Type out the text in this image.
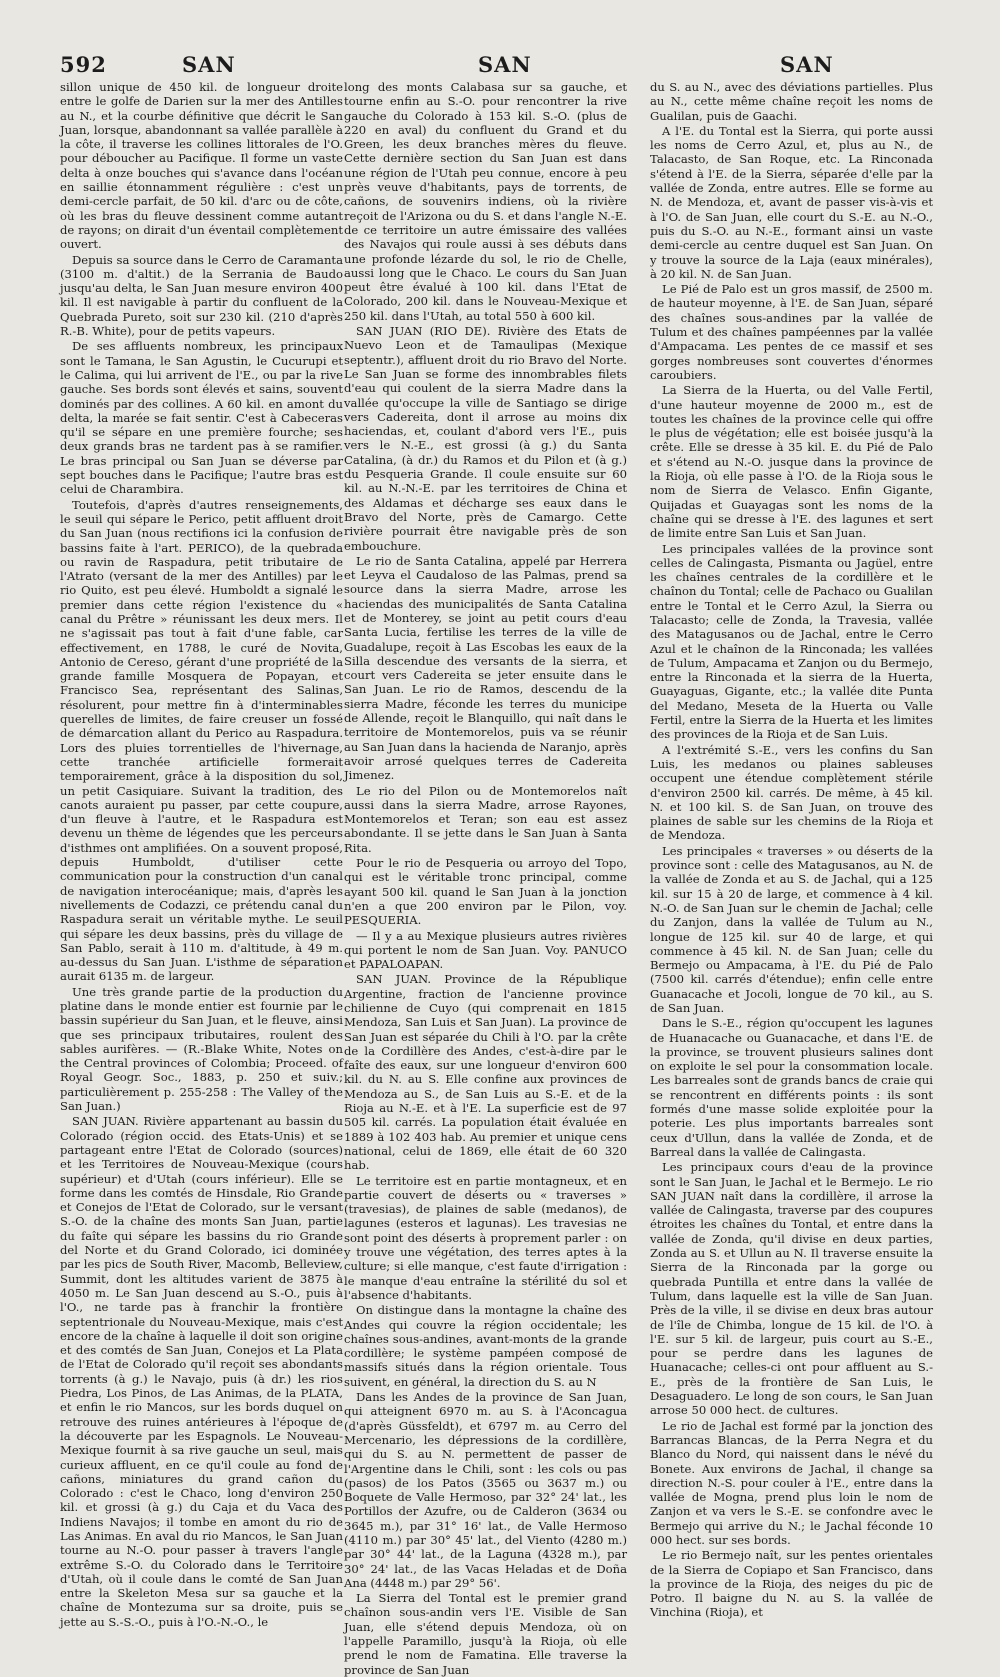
592	SAN	SAN	SAN

sillon unique de 450 kil. de longueur droite entre le golfe de Darien sur la mer des Antilles au N., et la courbe définitive que décrit le San Juan, lorsque, abandonnant sa vallée parallèle à la côte, il traverse les collines littorales de l'O. pour déboucher au Pacifique. Il forme un vaste delta à onze bouches qui s'avance dans l'océan en saillie étonnamment régulière : c'est un demi-cercle parfait, de 50 kil. d'arc ou de côte, où les bras du fleuve dessinent comme autant de rayons; on dirait d'un éventail complètement ouvert.

Depuis sa source dans le Cerro de Caramanta (3100 m. d'altit.) de la Serrania de Baudo jusqu'au delta, le San Juan mesure environ 400 kil. Il est navigable à partir du confluent de la Quebrada Pureto, soit sur 230 kil. (210 d'après R.-B. White), pour de petits vapeurs.

De ses affluents nombreux, les principaux sont le Tamana, le San Agustin, le Cucurupi et le Calima, qui lui arrivent de l'E., ou par la rive gauche. Ses bords sont élevés et sains, souvent dominés par des collines. A 60 kil. en amont du delta, la marée se fait sentir. C'est à Cabeceras qu'il se sépare en une première fourche; ses deux grands bras ne tardent pas à se ramifier. Le bras principal ou San Juan se déverse par sept bouches dans le Pacifique; l'autre bras est celui de Charambira.

Toutefois, d'après d'autres renseignements, le seuil qui sépare le Perico, petit affluent droit du San Juan (nous rectifions ici la confusion de bassins faite à l'art. PERICO), de la quebrada ou ravin de Raspadura, petit tributaire de l'Atrato (versant de la mer des Antilles) par le rio Quito, est peu élevé. Humboldt a signalé le premier dans cette région l'existence du « canal du Prêtre » réunissant les deux mers. Il ne s'agissait pas tout à fait d'une fable, car effectivement, en 1788, le curé de Novita, Antonio de Cereso, gérant d'une propriété de la grande famille Mosquera de Popayan, et Francisco Sea, représentant des Salinas, résolurent, pour mettre fin à d'interminables querelles de limites, de faire creuser un fossé de démarcation allant du Perico au Raspadura. Lors des pluies torrentielles de l'hivernage, cette tranchée artificielle formerait temporairement, grâce à la disposition du sol, un petit Casiquiare. Suivant la tradition, des canots auraient pu passer, par cette coupure, d'un fleuve à l'autre, et le Raspadura est devenu un thème de légendes que les perceurs d'isthmes ont amplifiées. On a souvent proposé, depuis Humboldt, d'utiliser cette communication pour la construction d'un canal de navigation interocéanique; mais, d'après les nivellements de Codazzi, ce prétendu canal du Raspadura serait un véritable mythe. Le seuil qui sépare les deux bassins, près du village de San Pablo, serait à 110 m. d'altitude, à 49 m. au-dessus du San Juan. L'isthme de séparation aurait 6135 m. de largeur.

Une très grande partie de la production du platine dans le monde entier est fournie par le bassin supérieur du San Juan, et le fleuve, ainsi que ses principaux tributaires, roulent des sables aurifères. — (R.-Blake White, Notes on the Central provinces of Colombia; Proceed. of Royal Geogr. Soc., 1883, p. 250 et suiv.; particulièrement p. 255-258 : The Valley of the San Juan.)

SAN JUAN. Rivière appartenant au bassin du Colorado (région occid. des Etats-Unis) et se partageant entre l'Etat de Colorado (sources) et les Territoires de Nouveau-Mexique (cours supérieur) et d'Utah (cours inférieur). Elle se forme dans les comtés de Hinsdale, Rio Grande et Conejos de l'Etat de Colorado, sur le versant S.-O. de la chaîne des monts San Juan, partie du faîte qui sépare les bassins du rio Grande del Norte et du Grand Colorado, ici dominée par les pics de South River, Macomb, Belleview, Summit, dont les altitudes varient de 3875 à 4050 m. Le San Juan descend au S.-O., puis à l'O., ne tarde pas à franchir la frontière septentrionale du Nouveau-Mexique, mais c'est encore de la chaîne à laquelle il doit son origine et des comtés de San Juan, Conejos et La Plata de l'Etat de Colorado qu'il reçoit ses abondants torrents (à g.) le Navajo, puis (à dr.) les rios Piedra, Los Pinos, de Las Animas, de la PLATA, et enfin le rio Mancos, sur les bords duquel on retrouve des ruines antérieures à l'époque de la découverte par les Espagnols. Le Nouveau-Mexique fournit à sa rive gauche un seul, mais curieux affluent, en ce qu'il coule au fond de cañons, miniatures du grand cañon du Colorado : c'est le Chaco, long d'environ 250 kil. et grossi (à g.) du Caja et du Vaca des Indiens Navajos; il tombe en amont du rio de Las Animas. En aval du rio Mancos, le San Juan tourne au N.-O. pour passer à travers l'angle extrême S.-O. du Colorado dans le Territoire d'Utah, où il coule dans le comté de San Juan entre la Skeleton Mesa sur sa gauche et la chaîne de Montezuma sur sa droite, puis se jette au S.-S.-O., puis à l'O.-N.-O., le

long des monts Calabasa sur sa gauche, et tourne enfin au S.-O. pour rencontrer la rive gauche du Colorado à 153 kil. S.-O. (plus de 220 en aval) du confluent du Grand et du Green, les deux branches mères du fleuve. Cette dernière section du San Juan est dans une région de l'Utah peu connue, encore à peu près veuve d'habitants, pays de torrents, de cañons, de souvenirs indiens, où la rivière reçoit de l'Arizona ou du S. et dans l'angle N.-E. de ce territoire un autre émissaire des vallées des Navajos qui roule aussi à ses débuts dans une profonde lézarde du sol, le rio de Chelle, aussi long que le Chaco. Le cours du San Juan peut être évalué à 100 kil. dans l'Etat de Colorado, 200 kil. dans le Nouveau-Mexique et 250 kil. dans l'Utah, au total 550 à 600 kil.

SAN JUAN (RIO DE). Rivière des Etats de Nuevo Leon et de Tamaulipas (Mexique septentr.), affluent droit du rio Bravo del Norte. Le San Juan se forme des innombrables filets d'eau qui coulent de la sierra Madre dans la vallée qu'occupe la ville de Santiago se dirige vers Cadereita, dont il arrose au moins dix haciendas, et, coulant d'abord vers l'E., puis vers le N.-E., est grossi (à g.) du Santa Catalina, (à dr.) du Ramos et du Pilon et (à g.) du Pesqueria Grande. Il coule ensuite sur 60 kil. au N.-N.-E. par les territoires de China et des Aldamas et décharge ses eaux dans le Bravo del Norte, près de Camargo. Cette rivière pourrait être navigable près de son embouchure.

Le rio de Santa Catalina, appelé par Herrera et Leyva el Caudaloso de las Palmas, prend sa source dans la sierra Madre, arrose les haciendas des municipalités de Santa Catalina et de Monterey, se joint au petit cours d'eau Santa Lucia, fertilise les terres de la ville de Guadalupe, reçoit à Las Escobas les eaux de la Silla descendue des versants de la sierra, et court vers Cadereita se jeter ensuite dans le San Juan. Le rio de Ramos, descendu de la sierra Madre, féconde les terres du municipe de Allende, reçoit le Blanquillo, qui naît dans le territoire de Montemorelos, puis va se réunir au San Juan dans la hacienda de Naranjo, après avoir arrosé quelques terres de Cadereita Jimenez.

Le rio del Pilon ou de Montemorelos naît aussi dans la sierra Madre, arrose Rayones, Montemorelos et Teran; son eau est assez abondante. Il se jette dans le San Juan à Santa Rita.

Pour le rio de Pesqueria ou arroyo del Topo, qui est le véritable tronc principal, comme ayant 500 kil. quand le San Juan à la jonction n'en a que 200 environ par le Pilon, voy. PESQUERIA.

— Il y a au Mexique plusieurs autres rivières qui portent le nom de San Juan. Voy. PANUCO et PAPALOAPAN.

SAN JUAN. Province de la République Argentine, fraction de l'ancienne province chilienne de Cuyo (qui comprenait en 1815 Mendoza, San Luis et San Juan). La province de San Juan est séparée du Chili à l'O. par la crête de la Cordillère des Andes, c'est-à-dire par le faîte des eaux, sur une longueur d'environ 600 kil. du N. au S. Elle confine aux provinces de Mendoza au S., de San Luis au S.-E. et de la Rioja au N.-E. et à l'E. La superficie est de 97 505 kil. carrés. La population était évaluée en 1889 à 102 403 hab. Au premier et unique cens national, celui de 1869, elle était de 60 320 hab.

Le territoire est en partie montagneux, et en partie couvert de déserts ou « traverses » (travesias), de plaines de sable (medanos), de lagunes (esteros et lagunas). Les travesias ne sont point des déserts à proprement parler : on y trouve une végétation, des terres aptes à la culture; si elle manque, c'est faute d'irrigation : le manque d'eau entraîne la stérilité du sol et l'absence d'habitants.

On distingue dans la montagne la chaîne des Andes qui couvre la région occidentale; les chaînes sous-andines, avant-monts de la grande cordillère; le système pampéen composé de massifs situés dans la région orientale. Tous suivent, en général, la direction du S. au N

Dans les Andes de la province de San Juan, qui atteignent 6970 m. au S. à l'Aconcagua (d'après Güssfeldt), et 6797 m. au Cerro del Mercenario, les dépressions de la cordillère, qui du S. au N. permettent de passer de l'Argentine dans le Chili, sont : les cols ou pas (pasos) de los Patos (3565 ou 3637 m.) ou Boquete de Valle Hermoso, par 32° 24' lat., les Portillos der Azufre, ou de Calderon (3634 ou 3645 m.), par 31° 16' lat., de Valle Hermoso (4110 m.) par 30° 45' lat., del Viento (4280 m.) par 30° 44' lat., de la Laguna (4328 m.), par 30° 24' lat., de las Vacas Heladas et de Doña Ana (4448 m.) par 29° 56'.

La Sierra del Tontal est le premier grand chaînon sous-andin vers l'E. Visible de San Juan, elle s'étend depuis Mendoza, où on l'appelle Paramillo, jusqu'à la Rioja, où elle prend le nom de Famatina. Elle traverse la province de San Juan

du S. au N., avec des déviations partielles. Plus au N., cette même chaîne reçoit les noms de Gualilan, puis de Gaachi.

A l'E. du Tontal est la Sierra, qui porte aussi les noms de Cerro Azul, et, plus au N., de Talacasto, de San Roque, etc. La Rinconada s'étend à l'E. de la Sierra, séparée d'elle par la vallée de Zonda, entre autres. Elle se forme au N. de Mendoza, et, avant de passer vis-à-vis et à l'O. de San Juan, elle court du S.-E. au N.-O., puis du S.-O. au N.-E., formant ainsi un vaste demi-cercle au centre duquel est San Juan. On y trouve la source de la Laja (eaux minérales), à 20 kil. N. de San Juan.

Le Pié de Palo est un gros massif, de 2500 m. de hauteur moyenne, à l'E. de San Juan, séparé des chaînes sous-andines par la vallée de Tulum et des chaînes pampéennes par la vallée d'Ampacama. Les pentes de ce massif et ses gorges nombreuses sont couvertes d'énormes caroubiers.

La Sierra de la Huerta, ou del Valle Fertil, d'une hauteur moyenne de 2000 m., est de toutes les chaînes de la province celle qui offre le plus de végétation; elle est boisée jusqu'à la crête. Elle se dresse à 35 kil. E. du Pié de Palo et s'étend au N.-O. jusque dans la province de la Rioja, où elle passe à l'O. de la Rioja sous le nom de Sierra de Velasco. Enfin Gigante, Quijadas et Guayagas sont les noms de la chaîne qui se dresse à l'E. des lagunes et sert de limite entre San Luis et San Juan.

Les principales vallées de la province sont celles de Calingasta, Pismanta ou Jagüel, entre les chaînes centrales de la cordillère et le chaînon du Tontal; celle de Pachaco ou Gualilan entre le Tontal et le Cerro Azul, la Sierra ou Talacasto; celle de Zonda, la Travesia, vallée des Matagusanos ou de Jachal, entre le Cerro Azul et le chaînon de la Rinconada; les vallées de Tulum, Ampacama et Zanjon ou du Bermejo, entre la Rinconada et la sierra de la Huerta, Guayaguas, Gigante, etc.; la vallée dite Punta del Medano, Meseta de la Huerta ou Valle Fertil, entre la Sierra de la Huerta et les limites des provinces de la Rioja et de San Luis.

A l'extrémité S.-E., vers les confins du San Luis, les medanos ou plaines sableuses occupent une étendue complètement stérile d'environ 2500 kil. carrés. De même, à 45 kil. N. et 100 kil. S. de San Juan, on trouve des plaines de sable sur les chemins de la Rioja et de Mendoza.

Les principales « traverses » ou déserts de la province sont : celle des Matagusanos, au N. de la vallée de Zonda et au S. de Jachal, qui a 125 kil. sur 15 à 20 de large, et commence à 4 kil. N.-O. de San Juan sur le chemin de Jachal; celle du Zanjon, dans la vallée de Tulum au N., longue de 125 kil. sur 40 de large, et qui commence à 45 kil. N. de San Juan; celle du Bermejo ou Ampacama, à l'E. du Pié de Palo (7500 kil. carrés d'étendue); enfin celle entre Guanacache et Jocoli, longue de 70 kil., au S. de San Juan.

Dans le S.-E., région qu'occupent les lagunes de Huanacache ou Guanacache, et dans l'E. de la province, se trouvent plusieurs salines dont on exploite le sel pour la consommation locale. Les barreales sont de grands bancs de craie qui se rencontrent en différents points : ils sont formés d'une masse solide exploitée pour la poterie. Les plus importants barreales sont ceux d'Ullun, dans la vallée de Zonda, et de Barreal dans la vallée de Calingasta.

Les principaux cours d'eau de la province sont le San Juan, le Jachal et le Bermejo. Le rio SAN JUAN naît dans la cordillère, il arrose la vallée de Calingasta, traverse par des coupures étroites les chaînes du Tontal, et entre dans la vallée de Zonda, qu'il divise en deux parties, Zonda au S. et Ullun au N. Il traverse ensuite la Sierra de la Rinconada par la gorge ou quebrada Puntilla et entre dans la vallée de Tulum, dans laquelle est la ville de San Juan. Près de la ville, il se divise en deux bras autour de l'île de Chimba, longue de 15 kil. de l'O. à l'E. sur 5 kil. de largeur, puis court au S.-E., pour se perdre dans les lagunes de Huanacache; celles-ci ont pour affluent au S.-E., près de la frontière de San Luis, le Desaguadero. Le long de son cours, le San Juan arrose 50 000 hect. de cultures.

Le rio de Jachal est formé par la jonction des Barrancas Blancas, de la Perra Negra et du Blanco du Nord, qui naissent dans le névé du Bonete. Aux environs de Jachal, il change sa direction N.-S. pour couler à l'E., entre dans la vallée de Mogna, prend plus loin le nom de Zanjon et va vers le S.-E. se confondre avec le Bermejo qui arrive du N.; le Jachal féconde 10 000 hect. sur ses bords.

Le rio Bermejo naît, sur les pentes orientales de la Sierra de Copiapo et San Francisco, dans la province de la Rioja, des neiges du pic de Potro. Il baigne du N. au S. la vallée de Vinchina (Rioja), et
